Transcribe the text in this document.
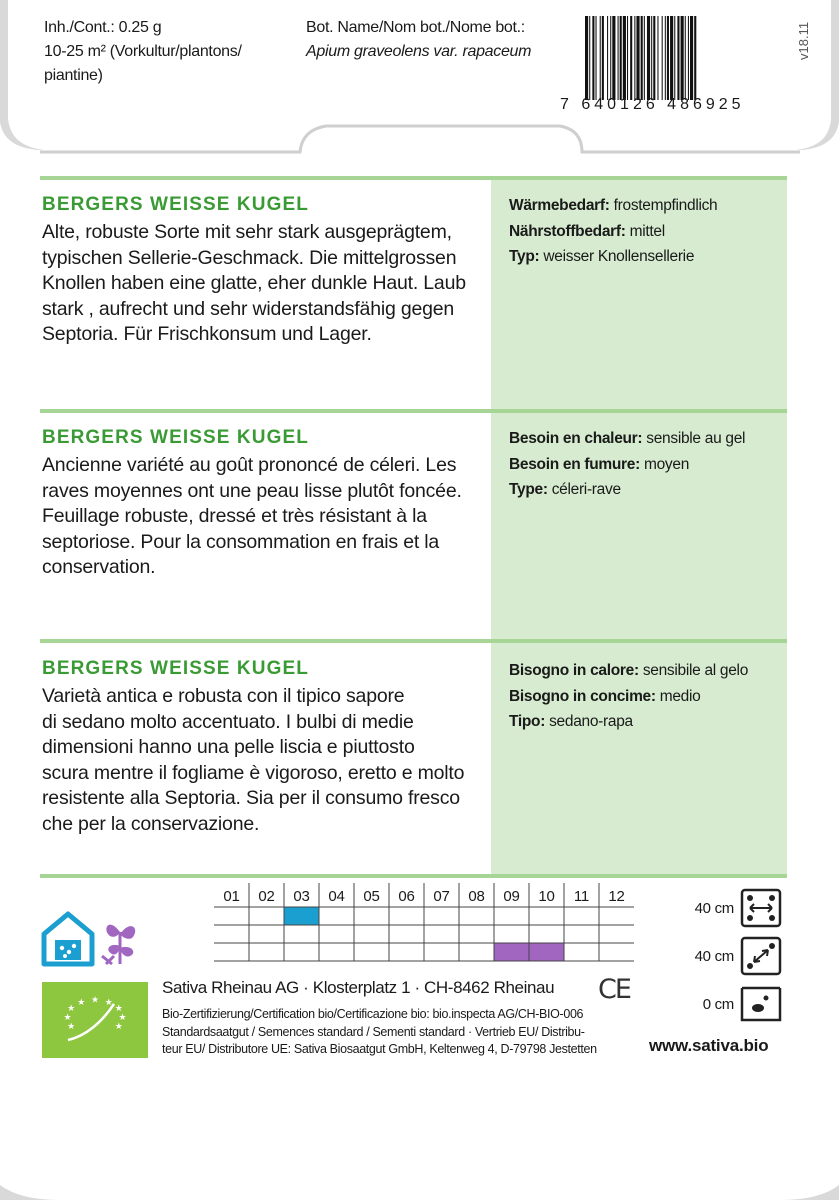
Inh./Cont.: 0.25 g
10-25 m² (Vorkultur/plantons/
piantine)
Bot. Name/Nom bot./Nome bot.:
Apium graveolens var. rapaceum
7 640126 486925
v18.11

BERGERS WEISSE KUGEL

Alte, robuste Sorte mit sehr stark ausgeprägtem,
typischen Sellerie-Geschmack. Die mittelgrossen
Knollen haben eine glatte, eher dunkle Haut. Laub
stark , aufrecht und sehr widerstandsfähig gegen
Septoria. Für Frischkonsum und Lager.

Wärmebedarf: frostempfindlich
Nährstoffbedarf: mittel
Typ: weisser Knollensellerie

BERGERS WEISSE KUGEL

Ancienne variété au goût prononcé de céleri. Les
raves moyennes ont une peau lisse plutôt foncée.
Feuillage robuste, dressé et très résistant à la
septoriose. Pour la consommation en frais et la
conservation.

Besoin en chaleur: sensible au gel
Besoin en fumure: moyen
Type: céleri-rave

BERGERS WEISSE KUGEL

Varietà antica e robusta con il tipico sapore
di sedano molto accentuato. I bulbi di medie
dimensioni hanno una pelle liscia e piuttosto
scura mentre il fogliame è vigoroso, eretto e molto
resistente alla Septoria. Sia per il consumo fresco
che per la conservazione.

Bisogno in calore: sensibile al gelo
Bisogno in concime: medio
Tipo: sedano-rapa
01	02	03	04	05	06	07	08	09	10	11	12
★
★
★
★
★
★ ★ ★
★
40 cm
40 cm
0 cm
Sativa Rheinau AG · Klosterplatz 1 · CH-8462 Rheinau CE
Bio-Zertifizierung/Certification bio/Certificazione bio: bio.inspecta AG/CH-BIO-006
Standardsaatgut / Semences standard / Sementi standard · Vertrieb EU/ Distribu-
teur EU/ Distributore UE: Sativa Biosaatgut GmbH, Keltenweg 4, D-79798 Jestetten	www.sativa.bio
